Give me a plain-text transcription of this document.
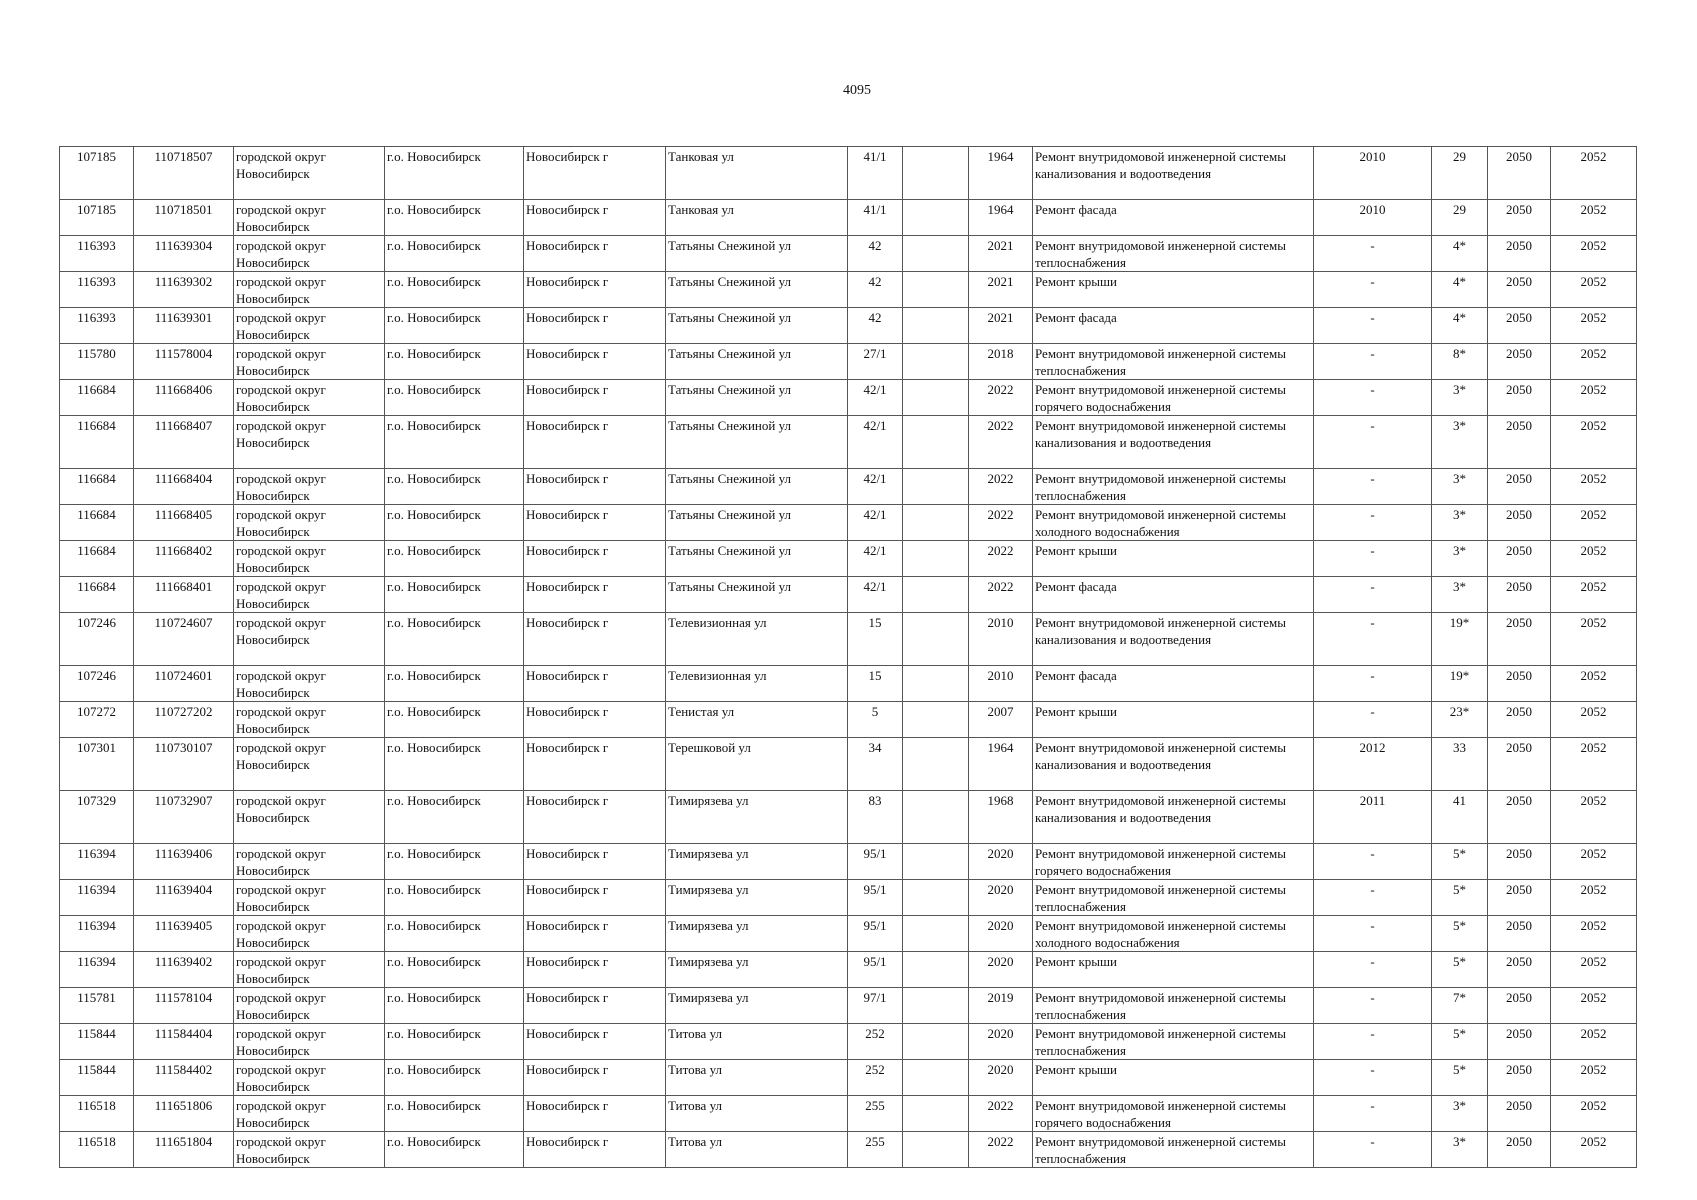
4095
107185	110718507	городской округ Новосибирск	г.о. Новосибирск	Новосибирск г	Танковая ул	41/1		1964	Ремонт внутридомовой инженерной системы канализования и водоотведения	2010	29	2050	2052
107185	110718501	городской округ Новосибирск	г.о. Новосибирск	Новосибирск г	Танковая ул	41/1		1964	Ремонт фасада	2010	29	2050	2052
116393	111639304	городской округ Новосибирск	г.о. Новосибирск	Новосибирск г	Татьяны Снежиной ул	42		2021	Ремонт внутридомовой инженерной системы теплоснабжения	-	4*	2050	2052
116393	111639302	городской округ Новосибирск	г.о. Новосибирск	Новосибирск г	Татьяны Снежиной ул	42		2021	Ремонт крыши	-	4*	2050	2052
116393	111639301	городской округ Новосибирск	г.о. Новосибирск	Новосибирск г	Татьяны Снежиной ул	42		2021	Ремонт фасада	-	4*	2050	2052
115780	111578004	городской округ Новосибирск	г.о. Новосибирск	Новосибирск г	Татьяны Снежиной ул	27/1		2018	Ремонт внутридомовой инженерной системы теплоснабжения	-	8*	2050	2052
116684	111668406	городской округ Новосибирск	г.о. Новосибирск	Новосибирск г	Татьяны Снежиной ул	42/1		2022	Ремонт внутридомовой инженерной системы горячего водоснабжения	-	3*	2050	2052
116684	111668407	городской округ Новосибирск	г.о. Новосибирск	Новосибирск г	Татьяны Снежиной ул	42/1		2022	Ремонт внутридомовой инженерной системы канализования и водоотведения	-	3*	2050	2052
116684	111668404	городской округ Новосибирск	г.о. Новосибирск	Новосибирск г	Татьяны Снежиной ул	42/1		2022	Ремонт внутридомовой инженерной системы теплоснабжения	-	3*	2050	2052
116684	111668405	городской округ Новосибирск	г.о. Новосибирск	Новосибирск г	Татьяны Снежиной ул	42/1		2022	Ремонт внутридомовой инженерной системы холодного водоснабжения	-	3*	2050	2052
116684	111668402	городской округ Новосибирск	г.о. Новосибирск	Новосибирск г	Татьяны Снежиной ул	42/1		2022	Ремонт крыши	-	3*	2050	2052
116684	111668401	городской округ Новосибирск	г.о. Новосибирск	Новосибирск г	Татьяны Снежиной ул	42/1		2022	Ремонт фасада	-	3*	2050	2052
107246	110724607	городской округ Новосибирск	г.о. Новосибирск	Новосибирск г	Телевизионная ул	15		2010	Ремонт внутридомовой инженерной системы канализования и водоотведения	-	19*	2050	2052
107246	110724601	городской округ Новосибирск	г.о. Новосибирск	Новосибирск г	Телевизионная ул	15		2010	Ремонт фасада	-	19*	2050	2052
107272	110727202	городской округ Новосибирск	г.о. Новосибирск	Новосибирск г	Тенистая ул	5		2007	Ремонт крыши	-	23*	2050	2052
107301	110730107	городской округ Новосибирск	г.о. Новосибирск	Новосибирск г	Терешковой ул	34		1964	Ремонт внутридомовой инженерной системы канализования и водоотведения	2012	33	2050	2052
107329	110732907	городской округ Новосибирск	г.о. Новосибирск	Новосибирск г	Тимирязева ул	83		1968	Ремонт внутридомовой инженерной системы канализования и водоотведения	2011	41	2050	2052
116394	111639406	городской округ Новосибирск	г.о. Новосибирск	Новосибирск г	Тимирязева ул	95/1		2020	Ремонт внутридомовой инженерной системы горячего водоснабжения	-	5*	2050	2052
116394	111639404	городской округ Новосибирск	г.о. Новосибирск	Новосибирск г	Тимирязева ул	95/1		2020	Ремонт внутридомовой инженерной системы теплоснабжения	-	5*	2050	2052
116394	111639405	городской округ Новосибирск	г.о. Новосибирск	Новосибирск г	Тимирязева ул	95/1		2020	Ремонт внутридомовой инженерной системы холодного водоснабжения	-	5*	2050	2052
116394	111639402	городской округ Новосибирск	г.о. Новосибирск	Новосибирск г	Тимирязева ул	95/1		2020	Ремонт крыши	-	5*	2050	2052
115781	111578104	городской округ Новосибирск	г.о. Новосибирск	Новосибирск г	Тимирязева ул	97/1		2019	Ремонт внутридомовой инженерной системы теплоснабжения	-	7*	2050	2052
115844	111584404	городской округ Новосибирск	г.о. Новосибирск	Новосибирск г	Титова ул	252		2020	Ремонт внутридомовой инженерной системы теплоснабжения	-	5*	2050	2052
115844	111584402	городской округ Новосибирск	г.о. Новосибирск	Новосибирск г	Титова ул	252		2020	Ремонт крыши	-	5*	2050	2052
116518	111651806	городской округ Новосибирск	г.о. Новосибирск	Новосибирск г	Титова ул	255		2022	Ремонт внутридомовой инженерной системы горячего водоснабжения	-	3*	2050	2052
116518	111651804	городской округ Новосибирск	г.о. Новосибирск	Новосибирск г	Титова ул	255		2022	Ремонт внутридомовой инженерной системы теплоснабжения	-	3*	2050	2052
